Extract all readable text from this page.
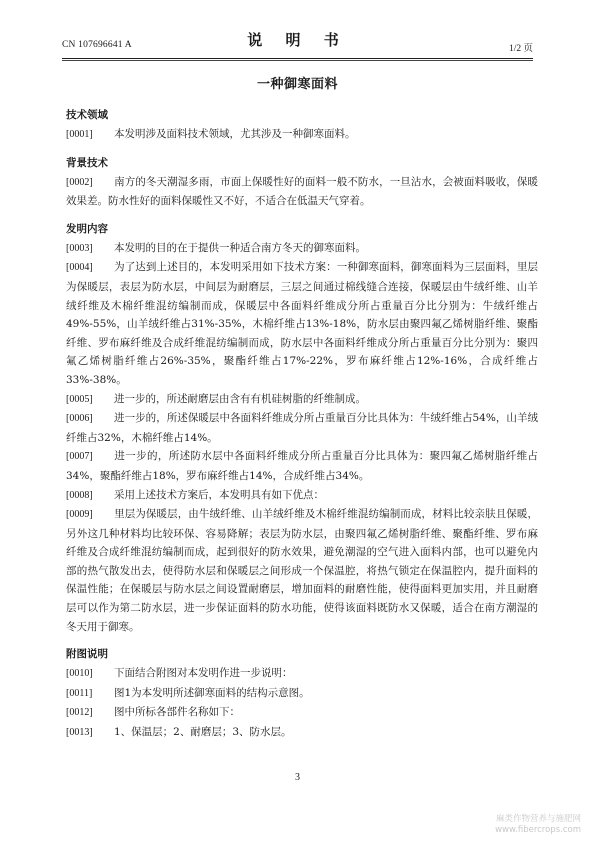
CN 107696641 A	说 明 书	1/2 页
一种御寒面料
技术领域
[0001] 本发明涉及面料技术领域，尤其涉及一种御寒面料。
背景技术
[0002] 南方的冬天潮湿多雨，市面上保暖性好的面料一般不防水，一旦沾水，会被面料吸收，保暖效果差。防水性好的面料保暖性又不好，不适合在低温天气穿着。
发明内容
[0003] 本发明的目的在于提供一种适合南方冬天的御寒面料。
[0004] 为了达到上述目的，本发明采用如下技术方案：一种御寒面料，御寒面料为三层面料，里层为保暖层，表层为防水层，中间层为耐磨层，三层之间通过棉线缝合连接，保暖层由牛绒纤维、山羊绒纤维及木棉纤维混纺编制而成，保暖层中各面料纤维成分所占重量百分比分别为：牛绒纤维占49%-55%，山羊绒纤维占31%-35%，木棉纤维占13%-18%，防水层由聚四氟乙烯树脂纤维、聚酯纤维、罗布麻纤维及合成纤维混纺编制而成，防水层中各面料纤维成分所占重量百分比分别为：聚四氟乙烯树脂纤维占26%-35%，聚酯纤维占17%-22%，罗布麻纤维占12%-16%，合成纤维占33%-38%。
[0005] 进一步的，所述耐磨层由含有有机硅树脂的纤维制成。
[0006] 进一步的，所述保暖层中各面料纤维成分所占重量百分比具体为：牛绒纤维占54%，山羊绒纤维占32%，木棉纤维占14%。
[0007] 进一步的，所述防水层中各面料纤维成分所占重量百分比具体为：聚四氟乙烯树脂纤维占34%，聚酯纤维占18%，罗布麻纤维占14%，合成纤维占34%。
[0008] 采用上述技术方案后，本发明具有如下优点：
[0009] 里层为保暖层，由牛绒纤维、山羊绒纤维及木棉纤维混纺编制而成，材料比较亲肤且保暖，另外这几种材料均比较环保、容易降解；表层为防水层，由聚四氟乙烯树脂纤维、聚酯纤维、罗布麻纤维及合成纤维混纺编制而成，起到很好的防水效果，避免潮湿的空气进入面料内部，也可以避免内部的热气散发出去，使得防水层和保暖层之间形成一个保温腔，将热气锁定在保温腔内，提升面料的保温性能；在保暖层与防水层之间设置耐磨层，增加面料的耐磨性能，使得面料更加实用，并且耐磨层可以作为第二防水层，进一步保证面料的防水功能，使得该面料既防水又保暖，适合在南方潮湿的冬天用于御寒。
附图说明
[0010] 下面结合附图对本发明作进一步说明：
[0011] 图1为本发明所述御寒面料的结构示意图。
[0012] 图中所标各部件名称如下：
[0013] 1、保温层；2、耐磨层；3、防水层。
3
麻类作物营养与施肥网
www.fibercrops.com
